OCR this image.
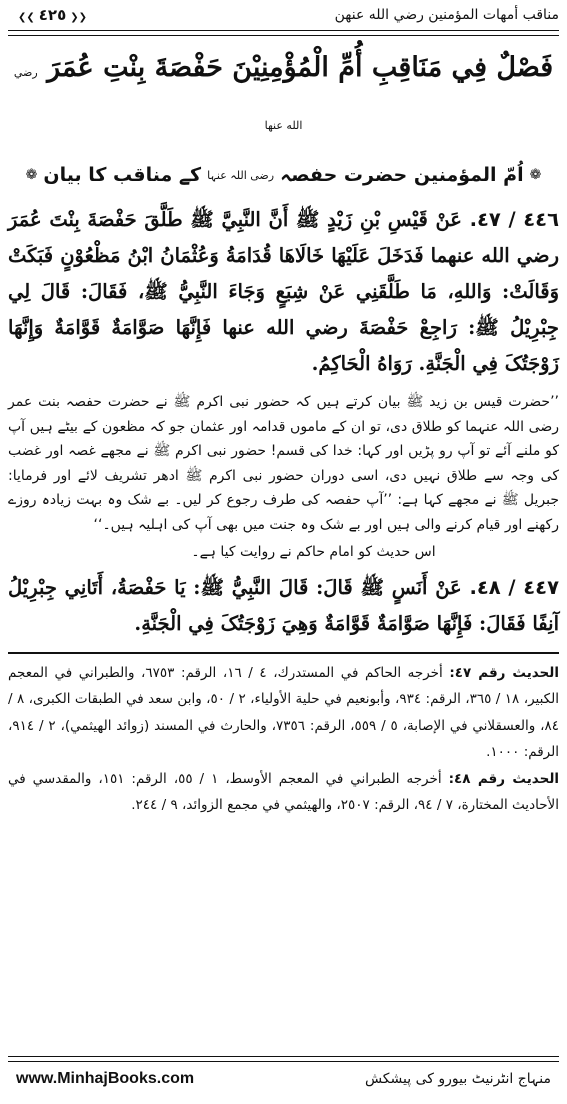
مناقب أمهات المؤمنين رضي الله عنهن
❮❮ ٤٢٥ ❯❯
فَصْلٌ فِي مَنَاقِبِ أُمِّ الْمُؤْمِنِيْنَ حَفْصَةَ بِنْتِ عُمَرَ رضي الله عنها
❁
اُمّ المؤمنین حضرت حفصہ
رضی اللہ عنہا
کے مناقب کا بیان
❁
٤٤٦ / ٤٧. عَنْ قَيْسِ بْنِ زَيْدٍ ﷺ أَنَّ النَّبِيَّ ﷺ طَلَّقَ حَفْصَةَ بِنْتَ عُمَرَ رضي الله عنهما فَدَخَلَ عَلَيْهَا خَالَاهَا قُدَامَةُ وَعُثْمَانُ ابْنُ مَظْعُوْنٍ فَبَكَتْ وَقَالَتْ: وَاللهِ، مَا طَلَّقَنِي عَنْ شِبَعٍ وَجَاءَ النَّبِيُّ ﷺ، فَقَالَ: قَالَ لِي جِبْرِيْلُ ﷺ: رَاجِعْ حَفْصَةَ رضي الله عنها فَإِنَّهَا صَوَّامَةٌ قَوَّامَةٌ وَإِنَّهَا زَوْجَتُکَ فِي الْجَنَّةِ. رَوَاهُ الْحَاکِمُ.
’’حضرت قیس بن زید ﷺ بیان کرتے ہیں کہ حضور نبی اکرم ﷺ نے حضرت حفصہ بنت عمر رضی اللہ عنہما کو طلاق دی، تو ان کے ماموں قدامہ اور عثمان جو کہ مظعون کے بیٹے ہیں آپ کو ملنے آئے تو آپ رو پڑیں اور کہا: خدا کی قسم! حضور نبی اکرم ﷺ نے مجھے غصہ اور غضب کی وجہ سے طلاق نہیں دی، اسی دوران حضور نبی اکرم ﷺ ادھر تشریف لائے اور فرمایا: جبریل ﷺ نے مجھے کہا ہے: ’’آپ حفصہ کی طرف رجوع کر لیں۔ بے شک وہ بہت زیادہ روزے رکھنے اور قیام کرنے والی ہیں اور بے شک وہ جنت میں بھی آپ کی اہلیہ ہیں۔‘‘
اس حدیث کو امام حاکم نے روایت کیا ہے۔
٤٤٧ / ٤٨. عَنْ أَنَسٍ ﷺ قَالَ: قَالَ النَّبِيُّ ﷺ: يَا حَفْصَةُ، أَتَانِي جِبْرِيْلُ آنِفًا فَقَالَ: فَإِنَّهَا صَوَّامَةٌ قَوَّامَةٌ وَهِيَ زَوْجَتُکَ فِي الْجَنَّةِ.
الحديث رقم ٤٧: أخرجه الحاكم في المستدرك، ٤ / ١٦، الرقم: ٦٧٥٣، والطبراني في المعجم الكبير، ١٨ / ٣٦٥، الرقم: ٩٣٤، وأبونعيم في حلية الأولياء، ٢ / ٥٠، وابن سعد في الطبقات الكبرى، ٨ / ٨٤، والعسقلاني في الإصابة، ٥ / ٥٥٩، الرقم: ٧٣٥٦، والحارث في المسند (زوائد الهيثمي)، ٢ / ٩١٤، الرقم: ١٠٠٠.
الحديث رقم ٤٨: أخرجه الطبراني في المعجم الأوسط، ١ / ٥٥، الرقم: ١٥١، والمقدسي في الأحاديث المختارة، ٧ / ٩٤، الرقم: ٢٥٠٧، والهيثمي في مجمع الزوائد، ٩ / ٢٤٤.
www.MinhajBooks.com	منہاج انٹرنیٹ بیورو کی پیشکش
